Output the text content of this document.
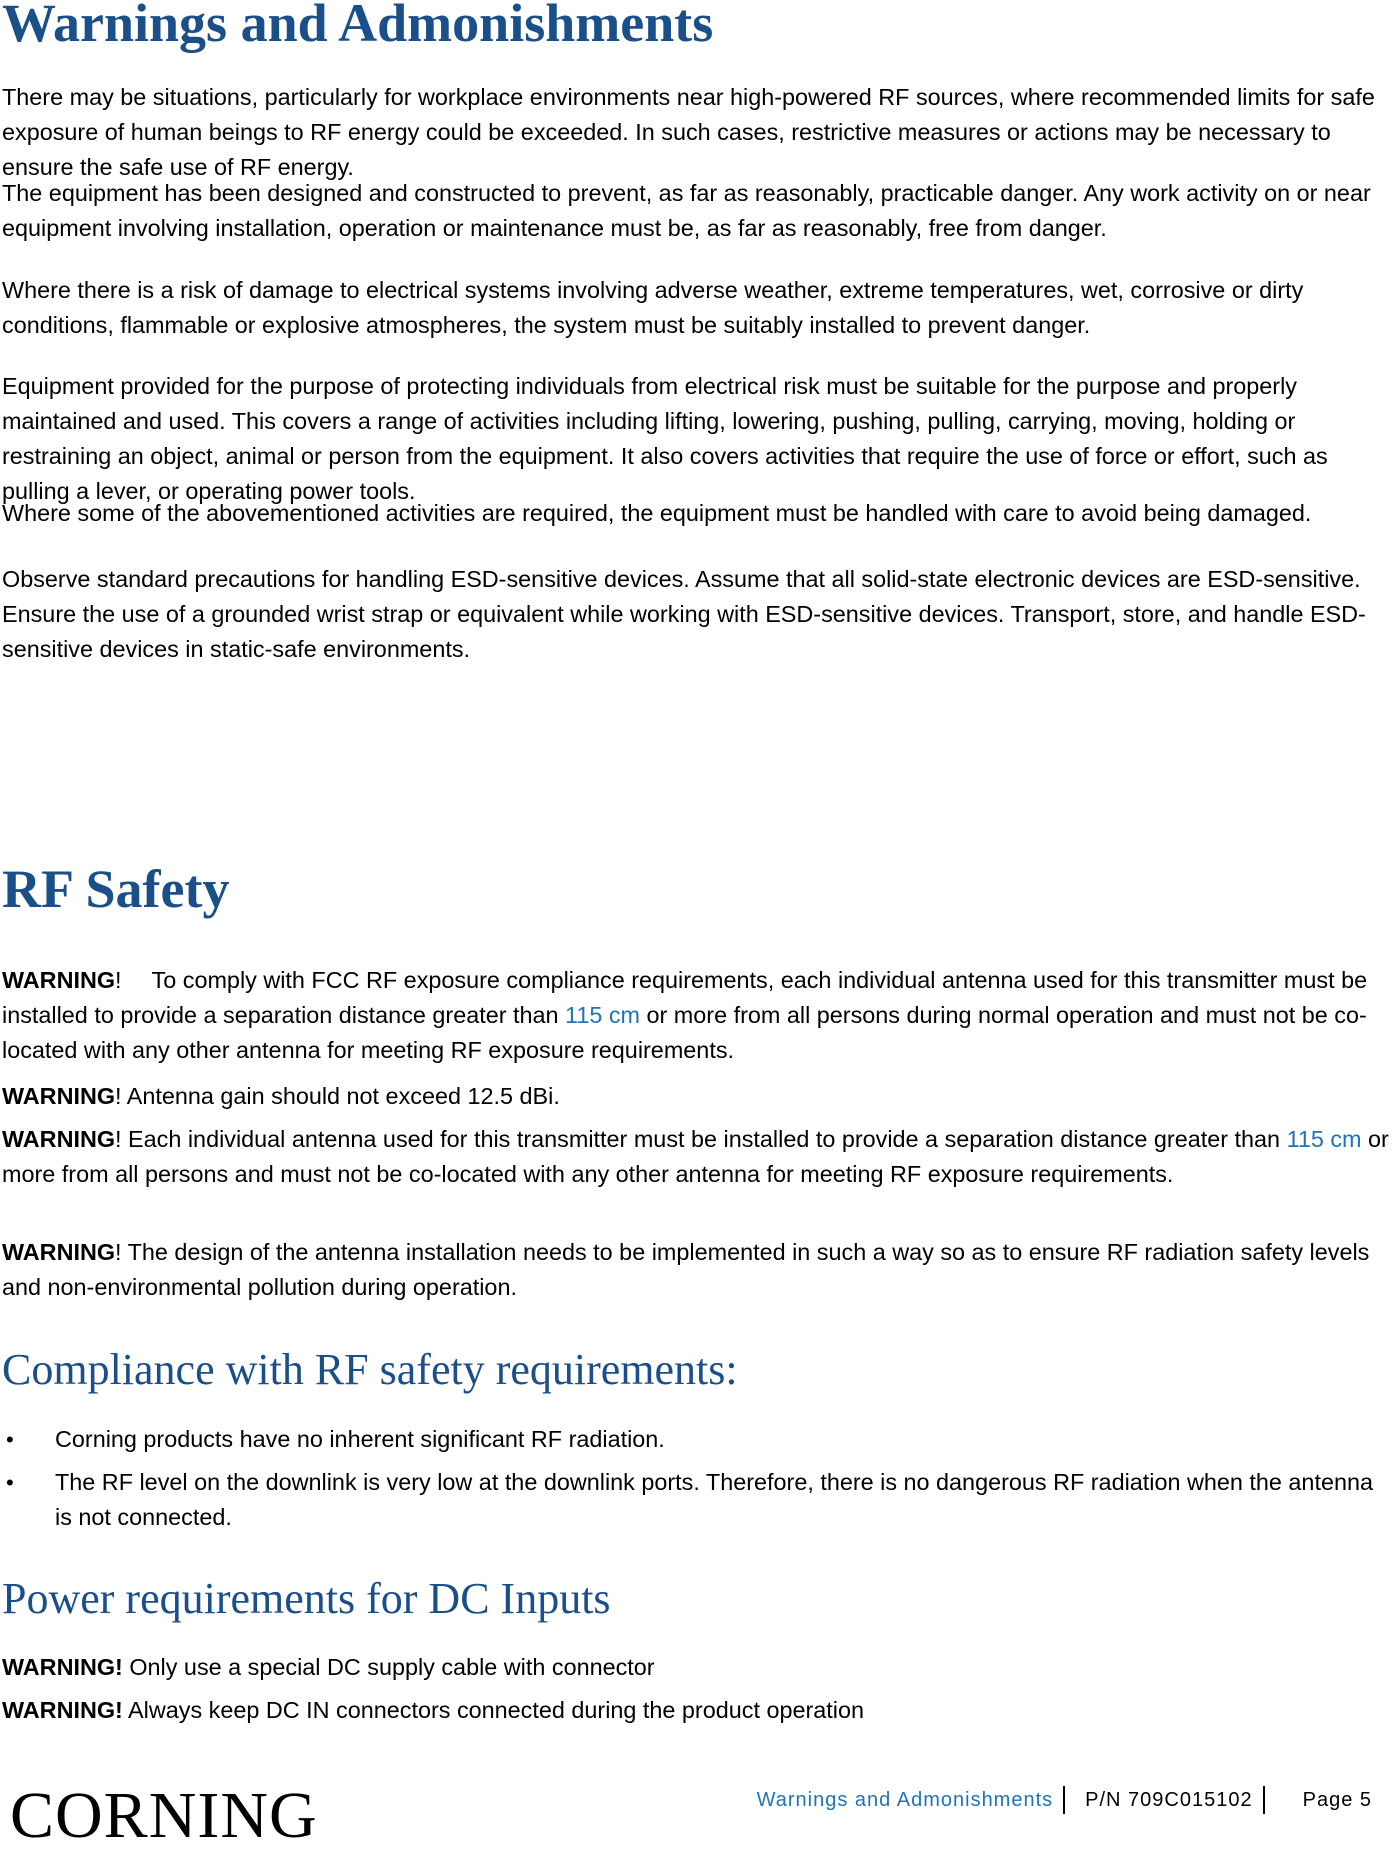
Warnings and Admonishments

There may be situations, particularly for workplace environments near high-powered RF sources, where recommended limits for safe exposure of human beings to RF energy could be exceeded. In such cases, restrictive measures or actions may be necessary to ensure the safe use of RF energy.

The equipment has been designed and constructed to prevent, as far as reasonably, practicable danger. Any work activity on or near equipment involving installation, operation or maintenance must be, as far as reasonably, free from danger.

Where there is a risk of damage to electrical systems involving adverse weather, extreme temperatures, wet, corrosive or dirty conditions, flammable or explosive atmospheres, the system must be suitably installed to prevent danger.

Equipment provided for the purpose of protecting individuals from electrical risk must be suitable for the purpose and properly maintained and used. This covers a range of activities including lifting, lowering, pushing, pulling, carrying, moving, holding or restraining an object, animal or person from the equipment. It also covers activities that require the use of force or effort, such as pulling a lever, or operating power tools.

Where some of the abovementioned activities are required, the equipment must be handled with care to avoid being damaged.

Observe standard precautions for handling ESD-sensitive devices. Assume that all solid-state electronic devices are ESD-sensitive. Ensure the use of a grounded wrist strap or equivalent while working with ESD-sensitive devices. Transport, store, and handle ESD-sensitive devices in static-safe environments.

RF Safety

WARNING! To comply with FCC RF exposure compliance requirements, each individual antenna used for this transmitter must be installed to provide a separation distance greater than 115 cm or more from all persons during normal operation and must not be co-located with any other antenna for meeting RF exposure requirements.

WARNING! Antenna gain should not exceed 12.5 dBi.

WARNING! Each individual antenna used for this transmitter must be installed to provide a separation distance greater than 115 cm or more from all persons and must not be co-located with any other antenna for meeting RF exposure requirements.

WARNING! The design of the antenna installation needs to be implemented in such a way so as to ensure RF radiation safety levels and non-environmental pollution during operation.

Compliance with RF safety requirements:
• Corning products have no inherent significant RF radiation.

• The RF level on the downlink is very low at the downlink ports. Therefore, there is no dangerous RF radiation when the antenna is not connected.

Power requirements for DC Inputs

WARNING! Only use a special DC supply cable with connector

WARNING! Always keep DC IN connectors connected during the product operation

CORNING	Warnings and Admonishments	P/N 709C015102	Page 5
